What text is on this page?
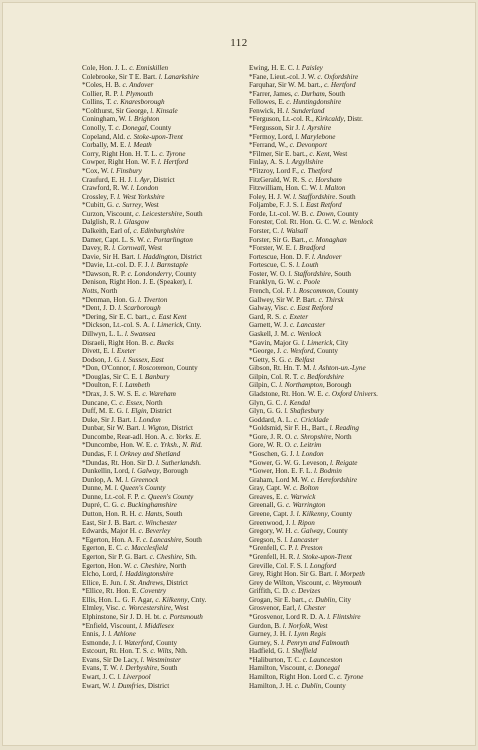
112
Cole, Hon. J. L. c. Enniskillen
Colebrooke, Sir T E. Bart. l. Lanarkshire
*Coles, H. B. c. Andover
Collier, R. P. l. Plymouth
Collins, T. c. Knaresborough
*Colthurst, Sir George, l. Kinsale
Coningham, W. l. Brighton
Conolly, T. c. Donegal, County
Copeland, Ald. c. Stoke-upon-Trent
Corbally, M. E. l. Meath
Corry, Right Hon. H. T. L. c. Tyrone
Cowper, Right Hon. W. F. l. Hertford
*Cox, W. l. Finsbury
Craufurd, E. H. J. l. Ayr, District
Crawford, R. W. l. London
Crossley, F. l. West Yorkshire
*Cubitt, G. c. Surrey, West
Curzon, Viscount, c. Leicestershire, South
Dalglish, R. l. Glasgow
Dalkeith, Earl of, c. Edinburghshire
Damer, Capt. L. S. W. c. Portarlington
Davey, R. l. Cornwall, West
Davie, Sir H. Bart. l. Haddington, District
*Davie, Lt.-col. D. F. J. l. Barnstaple
*Dawson, R. P. c. Londonderry, County
Denison, Right Hon. J. E. (Speaker), l.
Notts, North
*Denman, Hon. G. l. Tiverton
*Dent, J. D. l. Scarborough
*Dering, Sir E. C. bart., c. East Kent
*Dickson, Lt.-col. S. A. l. Limerick, Cnty.
Dillwyn, L. L. l. Swansea
Disraeli, Right Hon. B. c. Bucks
Divett, E. l. Exeter
Dodson, J. G. l. Sussex, East
*Don, O'Connor, l. Roscommon, County
*Douglas, Sir C. E. l. Banbury
*Doulton, F. l. Lambeth
*Drax, J. S. W. S. E. c. Wareham
Duncane, C. c. Essex, North
Duff, M. E. G. l. Elgin, District
Duke, Sir J. Bart. l. London
Dunbar, Sir W. Bart. l. Wigton, District
Duncombe, Rear-adl. Hon. A. c. Yorks. E.
*Duncombe, Hon. W. E. c. Yrksh., N. Rid.
Dundas, F. l. Orkney and Shetland
*Dundas, Rt. Hon. Sir D. l. Sutherlandsh.
Dunkellin, Lord, l. Galway, Borough
Dunlop, A. M. l. Greenock
Dunne, M. l. Queen's County
Dunne, Lt.-col. F. P. c. Queen's County
Dupré, C. G. c. Buckinghamshire
Dutton, Hon. R. H. c. Hants, South
East, Sir J. B. Bart. c. Winchester
Edwards, Major H. c. Beverley
*Egerton, Hon. A. F. c. Lancashire, South
Egerton, E. C. c. Macclesfield
Egerton, Sir P. G. Bart. c. Cheshire, Sth.
Egerton, Hon. W. c. Cheshire, North
Elcho, Lord, l. Haddingtonshire
Ellice, E. Jun. l. St. Andrews, District
*Ellice, Rt. Hon. E. Coventry
Ellis, Hon. L. G. F. Agar, c. Kilkenny, Cnty.
Elmley, Visc. c. Worcestershire, West
Elphinstone, Sir J. D. H. bt. c. Portsmouth
*Enfield, Viscount, l. Middlesex
Ennis, J. l. Athlone
Esmonde, J. l. Waterford, County
Estcourt, Rt. Hon. T. S. c. Wilts, Nth.
Evans, Sir De Lacy, l. Westminster
Evans, T. W. l. Derbyshire, South
Ewart, J. C. l. Liverpool
Ewart, W. l. Dumfries, District
Ewing, H. E. C. l. Paisley
*Fane, Lieut.-col. J. W. c. Oxfordshire
Farquhar, Sir W. M. bart., c. Hertford
*Farrer, James, c. Durham, South
Fellowes, E. c. Huntingdonshire
Fenwick, H. l. Sunderland
*Ferguson, Lt.-col. R., Kirkcaldy, Distr.
*Fergusson, Sir J. l. Ayrshire
*Fermoy, Lord, l. Marylebone
*Ferrand, W., c. Devonport
*Filmer, Sir E. bart., c. Kent, West
Finlay, A. S. l. Argyllshire
*Fitzroy, Lord F., c. Thetford
FitzGerald, W. R. S. c. Horsham
Fitzwilliam, Hon. C. W. l. Malton
Foley, H. J. W. l. Staffordshire. South
Foljambe, F. J. S. l. East Retford
Forde, Lt.-col. W. B. c. Down, County
Forester, Col. Rt. Hon. G. C. W. c. Wenlock
Forster, C. l. Walsall
Forster, Sir G. Bart., c. Monaghan
*Forster, W. E. l. Bradford
Fortescue, Hon. D. F. l. Andover
Fortescue, C. S. l. Louth
Foster, W. O. l. Staffordshire, South
Franklyn, G. W. c. Poole
French, Col. F. l. Roscommon, County
Gallwey, Sir W. P. Bart. c. Thirsk
Galway, Visc. c. East Retford
Gard, R. S. c. Exeter
Garnett, W. J. c. Lancaster
Gaskell, J. M. c. Wenlock
*Gavin, Major G. l. Limerick, City
*George, J. c. Wexford, County
*Getty, S. G. c. Belfast
Gibson, Rt. Hn. T. M. l. Ashton-un.-Lyne
Gilpin, Col. R. T. c. Bedfordshire
Gilpin, C. l. Northampton, Borough
Gladstone, Rt. Hon. W. E. c. Oxford Univers.
Glyn, G. C. l. Kendal
Glyn, G. G. l. Shaftesbury
Goddard, A. L. c. Cricklade
*Goldsmid, Sir F. H., Bart., l. Reading
*Gore, J. R. O. c. Shropshire, North
Gore, W. R. O. c. Leitrim
*Goschen, G. J. l. London
*Gower, G. W. G. Leveson, l. Reigate
*Gower, Hon. E. F. L. l. Bodmin
Graham, Lord M. W. c. Herefordshire
Gray, Capt. W. c. Bolton
Greaves, E. c. Warwick
Greenall, G. c. Warrington
Greene, Capt. J. l. Kilkenny, County
Greenwood, J. l. Ripon
Gregory, W. H. c. Galway, County
Gregson, S. l. Lancaster
*Grenfell, C. P. l. Preston
*Grenfell, H. R. l. Stoke-upon-Trent
Greville, Col. F. S. l. Longford
Grey, Right Hon. Sir G. Bart. l. Morpeth
Grey de Wilton, Viscount, c. Weymouth
Griffith, C. D. c. Devizes
Grogan, Sir E. bart., c. Dublin, City
Grosvenor, Earl, l. Chester
*Grosvenor, Lord R. D. A. l. Flintshire
Gurdon, B. l. Norfolk, West
Gurney, J. H. l. Lynn Regis
Gurney, S. l. Penryn and Falmouth
Hadfield, G. l. Sheffield
*Haliburton, T. C. c. Launceston
Hamilton, Viscount, c. Donegal
Hamilton, Right Hon. Lord C. c. Tyrone
Hamilton, J. H. c. Dublin, County
